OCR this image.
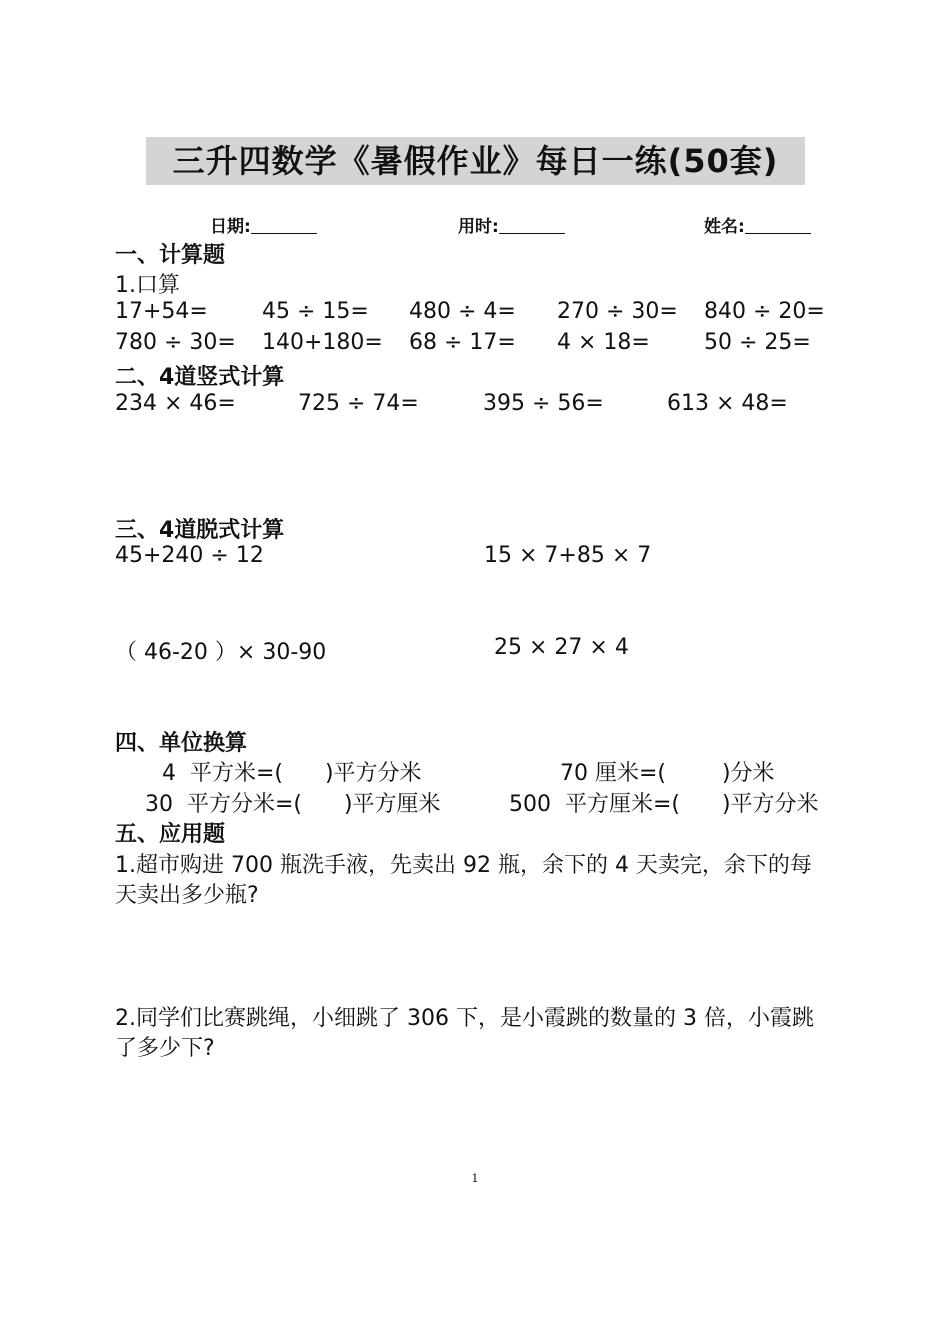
三升四数学《暑假作业》每日一练(50套)
日期:	用时:	姓名:
一、计算题
1.口算
17+54= 45 ÷ 15= 480 ÷ 4= 270 ÷ 30= 840 ÷ 20=
780 ÷ 30= 140+180= 68 ÷ 17= 4 × 18= 50 ÷ 25=
二、4道竖式计算
234 × 46=	725 ÷ 74=	395 ÷ 56=	613 × 48=
三、4道脱式计算
45+240 ÷ 12	15 × 7+85 × 7
（ 46-20 ）× 30-90	25 × 27 × 4
四、单位换算
4  平方米=(      )平方分米	70 厘米=(        )分米
30  平方分米=(      )平方厘米	500  平方厘米=(      )平方分米
五、应用题
1.超市购进 700 瓶洗手液，先卖出 92 瓶，余下的 4 天卖完，余下的每
天卖出多少瓶?
2.同学们比赛跳绳，小细跳了 306 下，是小霞跳的数量的 3 倍，小霞跳
了多少下?
1
